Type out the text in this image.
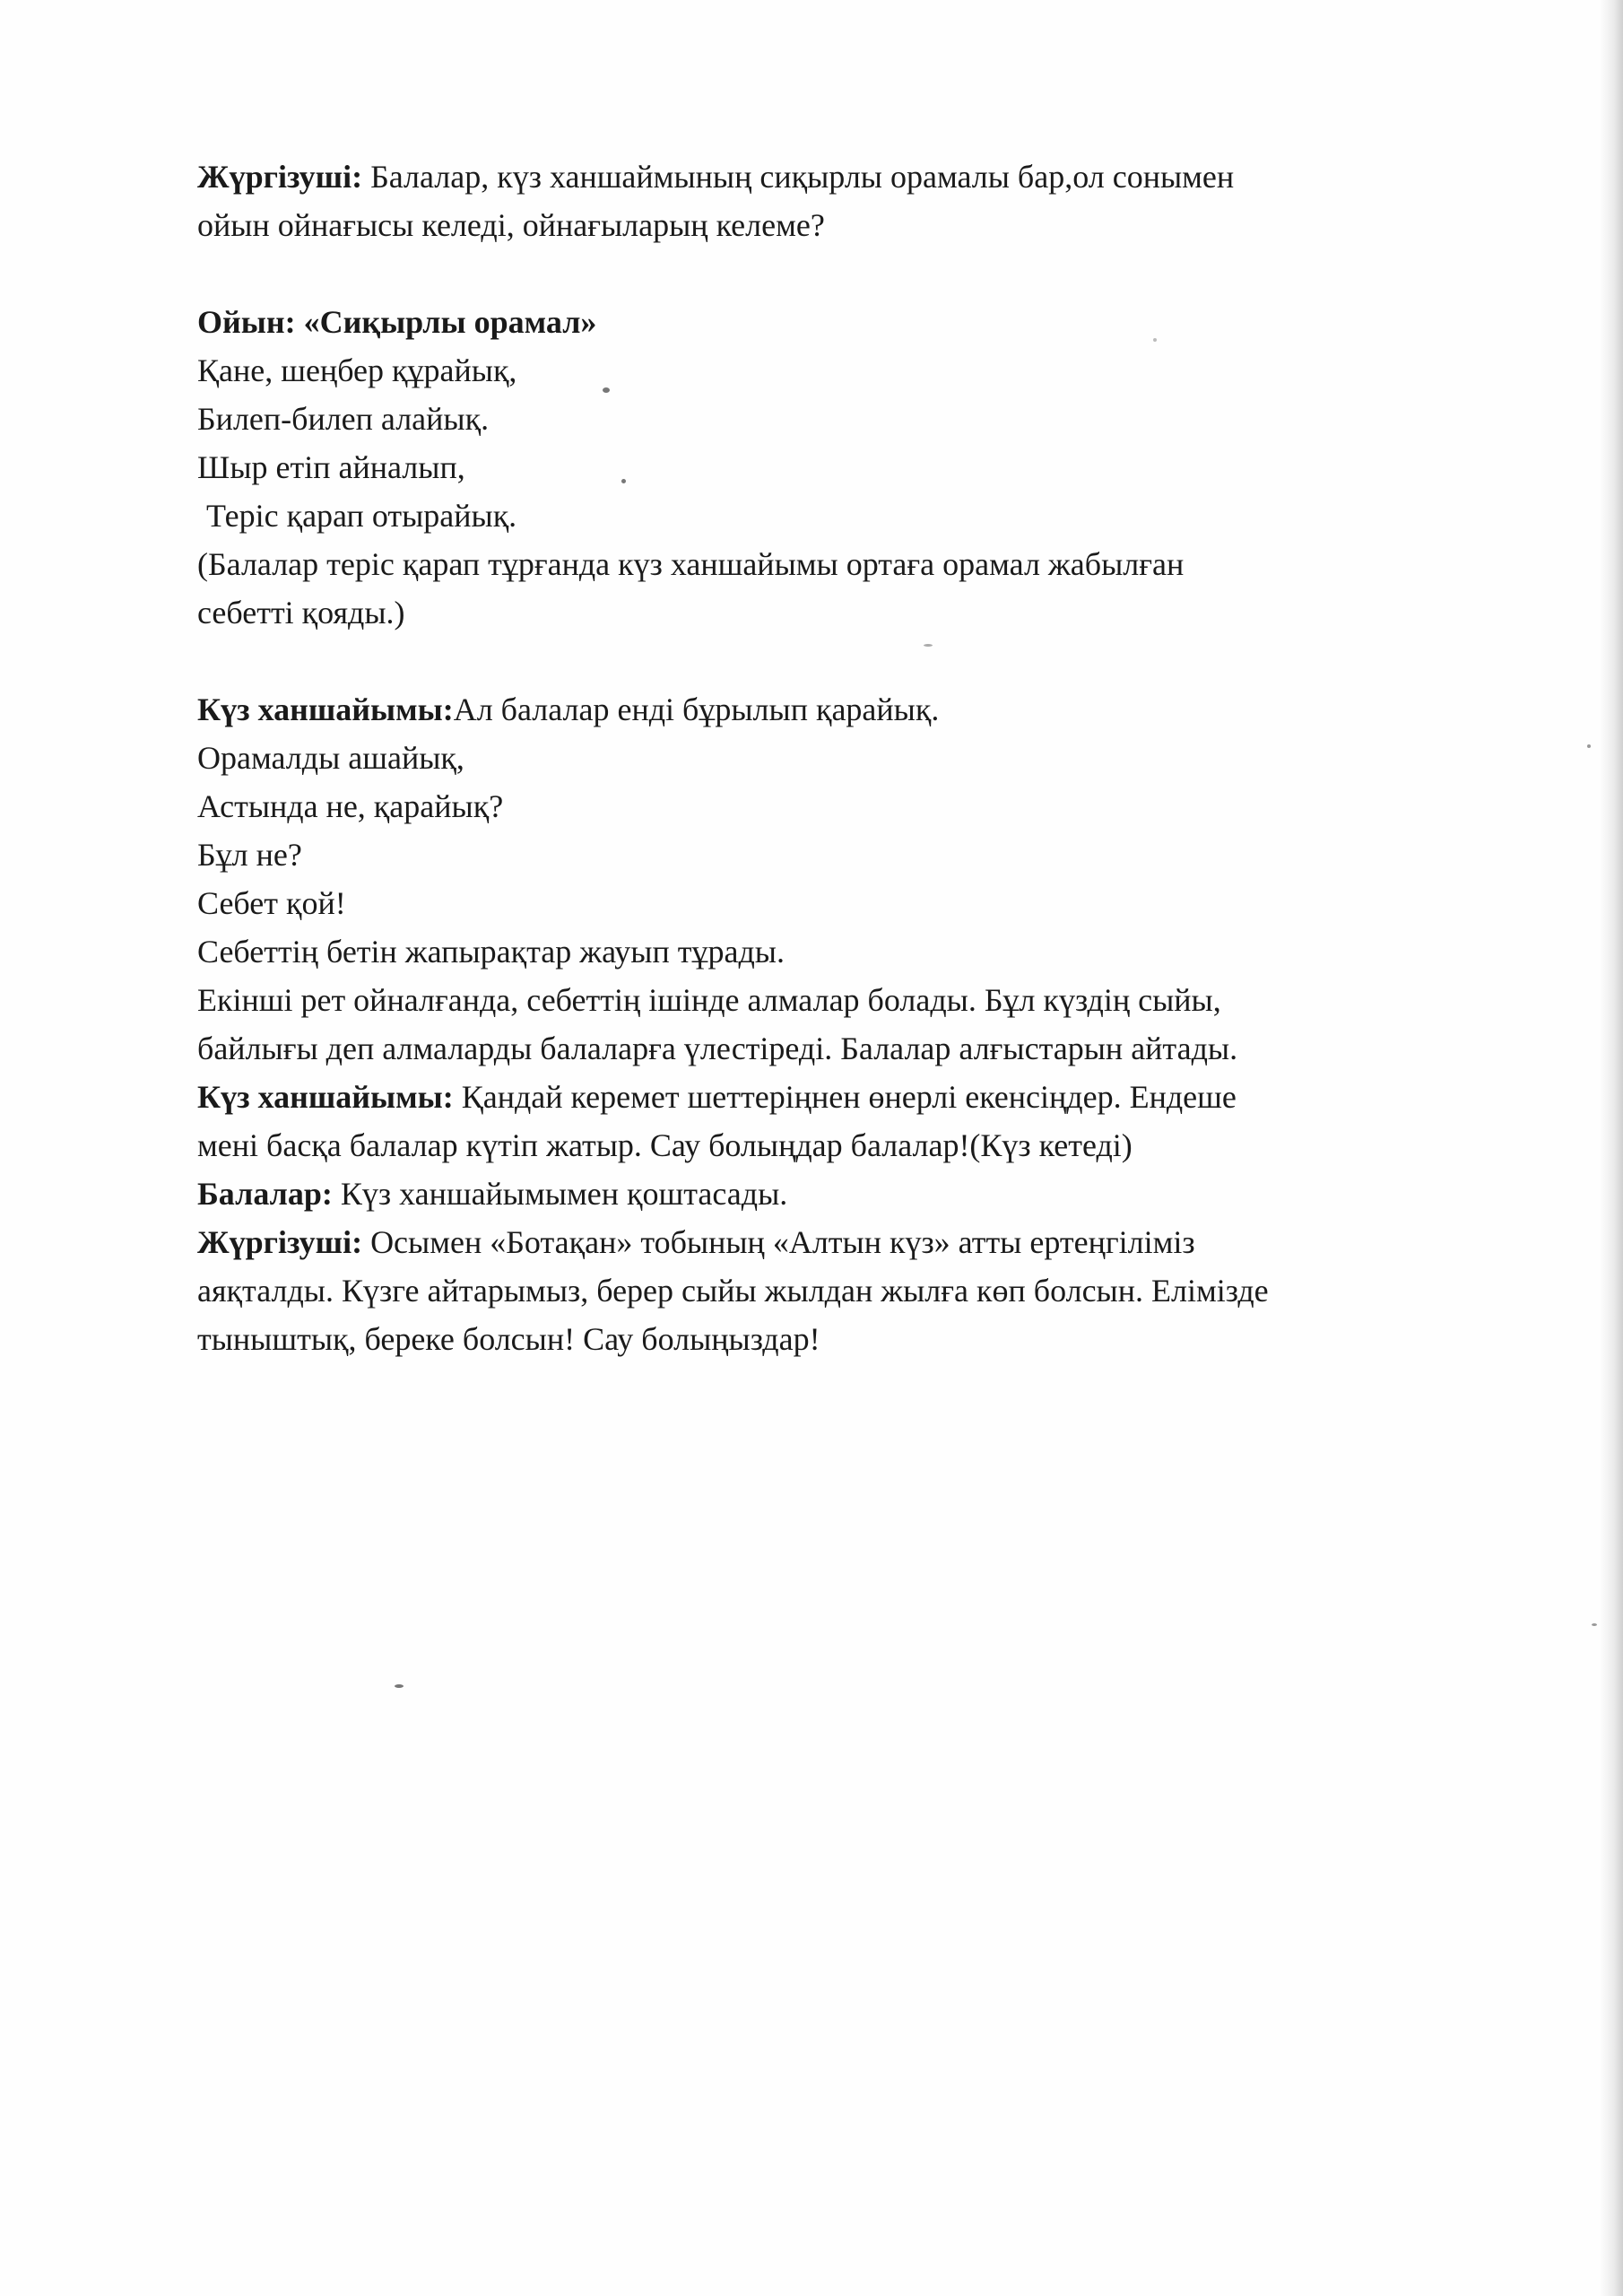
Жүргізуші: Балалар, күз ханшаймының сиқырлы орамалы бар,ол сонымен
ойын ойнағысы келеді, ойнағыларың келеме?
Ойын: «Сиқырлы орамал»
Қане, шеңбер құрайық,
Билеп-билеп алайық.
Шыр етіп айналып,
Теріс қарап отырайық.
(Балалар теріс қарап тұрғанда күз ханшайымы ортаға орамал жабылған
себетті қояды.)
Күз ханшайымы:Ал балалар енді бұрылып қарайық.
Орамалды ашайық,
Астында не, қарайық?
Бұл не?
Себет қой!
Себеттің бетін жапырақтар жауып тұрады.
Екінші рет ойналғанда, себеттің ішінде алмалар болады. Бұл күздің сыйы,
байлығы деп алмаларды балаларға үлестіреді. Балалар алғыстарын айтады.
Күз ханшайымы: Қандай керемет шеттеріңнен өнерлі екенсіңдер. Ендеше
мені басқа балалар күтіп жатыр. Сау болыңдар балалар!(Күз кетеді)
Балалар: Күз ханшайымымен қоштасады.
Жүргізуші: Осымен «Ботақан» тобының «Алтын күз» атты ертеңгіліміз
аяқталды. Күзге айтарымыз, берер сыйы жылдан жылға көп болсын. Елімізде
тыныштық, береке болсын! Сау болыңыздар!
